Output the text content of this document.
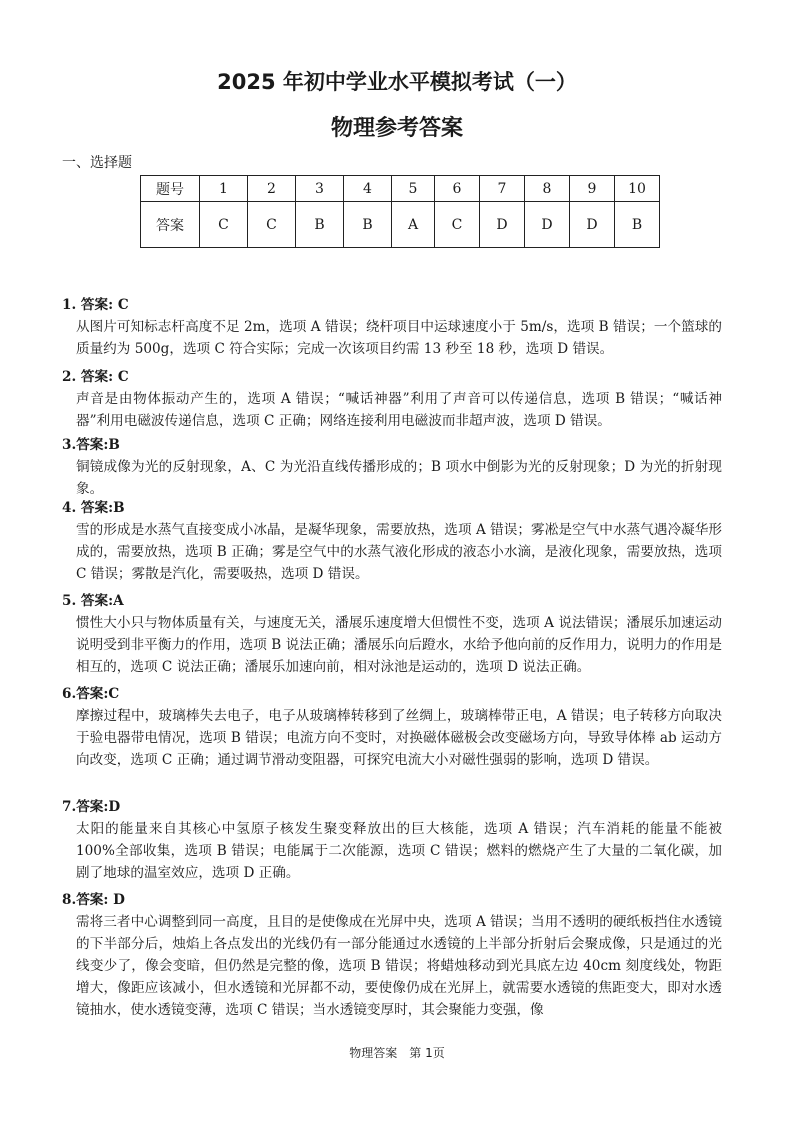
2025 年初中学业水平模拟考试（一）
物理参考答案
一、选择题
题号	1	2	3	4	5	6	7	8	9	10
答案	C	C	B	B	A	C	D	D	D	B
1. 答案: C
从图片可知标志杆高度不足 2m，选项 A 错误；绕杆项目中运球速度小于 5m/s，选项 B 错误；一个篮球的质量约为 500g，选项 C 符合实际；完成一次该项目约需 13 秒至 18 秒，选项 D 错误。
2. 答案: C
声音是由物体振动产生的，选项 A 错误；“喊话神器”利用了声音可以传递信息，选项 B 错误；“喊话神器”利用电磁波传递信息，选项 C 正确；网络连接利用电磁波而非超声波，选项 D 错误。
3.答案:B
铜镜成像为光的反射现象，A、C 为光沿直线传播形成的；B 项水中倒影为光的反射现象；D 为光的折射现象。
4. 答案:B
雪的形成是水蒸气直接变成小冰晶，是凝华现象，需要放热，选项 A 错误；雾凇是空气中水蒸气遇冷凝华形成的，需要放热，选项 B 正确；雾是空气中的水蒸气液化形成的液态小水滴，是液化现象，需要放热，选项 C 错误；雾散是汽化，需要吸热，选项 D 错误。
5. 答案:A
惯性大小只与物体质量有关，与速度无关，潘展乐速度增大但惯性不变，选项 A 说法错误；潘展乐加速运动说明受到非平衡力的作用，选项 B 说法正确；潘展乐向后蹬水，水给予他向前的反作用力，说明力的作用是相互的，选项 C 说法正确；潘展乐加速向前，相对泳池是运动的，选项 D 说法正确。
6.答案:C
摩擦过程中，玻璃棒失去电子，电子从玻璃棒转移到了丝绸上，玻璃棒带正电，A 错误；电子转移方向取决于验电器带电情况，选项 B 错误；电流方向不变时，对换磁体磁极会改变磁场方向，导致导体棒 ab 运动方向改变，选项 C 正确；通过调节滑动变阻器，可探究电流大小对磁性强弱的影响，选项 D 错误。
7.答案:D
太阳的能量来自其核心中氢原子核发生聚变释放出的巨大核能，选项 A 错误；汽车消耗的能量不能被 100%全部收集，选项 B 错误；电能属于二次能源，选项 C 错误；燃料的燃烧产生了大量的二氧化碳，加剧了地球的温室效应，选项 D 正确。
8.答案: D
需将三者中心调整到同一高度，且目的是使像成在光屏中央，选项 A 错误；当用不透明的硬纸板挡住水透镜的下半部分后，烛焰上各点发出的光线仍有一部分能通过水透镜的上半部分折射后会聚成像，只是通过的光线变少了，像会变暗，但仍然是完整的像，选项 B 错误；将蜡烛移动到光具底左边 40cm 刻度线处，物距增大，像距应该减小，但水透镜和光屏都不动，要使像仍成在光屏上，就需要水透镜的焦距变大，即对水透镜抽水，使水透镜变薄，选项 C 错误；当水透镜变厚时，其会聚能力变强，像
物理答案　第 1页
